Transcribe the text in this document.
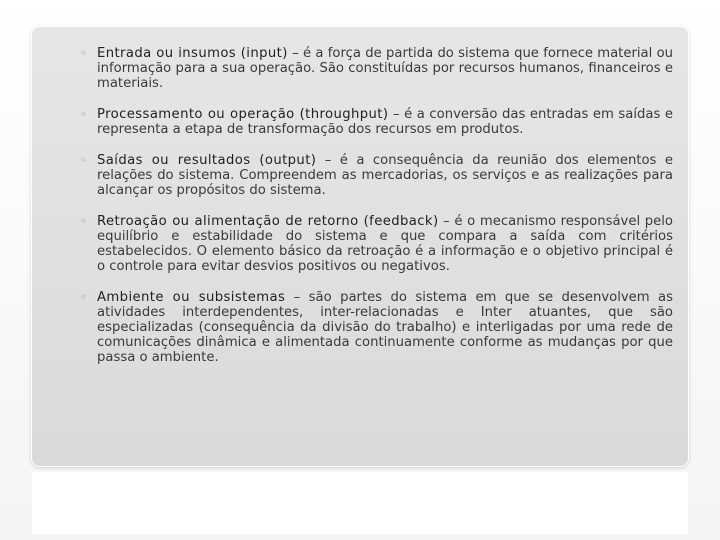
◦ Entrada ou insumos (input) – é a força de partida do sistema que fornece material ou informação para a sua operação. São constituídas por recursos humanos, financeiros e materiais.
◦ Processamento ou operação (throughput) – é a conversão das entradas em saídas e representa a etapa de transformação dos recursos em produtos.
◦ Saídas ou resultados (output) – é a consequência da reunião dos elementos e relações do sistema. Compreendem as mercadorias, os serviços e as realizações para alcançar os propósitos do sistema.
◦ Retroação ou alimentação de retorno (feedback) – é o mecanismo responsável pelo equilíbrio e estabilidade do sistema e que compara a saída com critérios estabelecidos. O elemento básico da retroação é a informação e o objetivo principal é o controle para evitar desvios positivos ou negativos.
◦ Ambiente ou subsistemas – são partes do sistema em que se desenvolvem as atividades interdependentes, inter-relacionadas e Inter atuantes, que são especializadas (consequência da divisão do trabalho) e interligadas por uma rede de comunicações dinâmica e alimentada continuamente conforme as mudanças por que passa o ambiente.
